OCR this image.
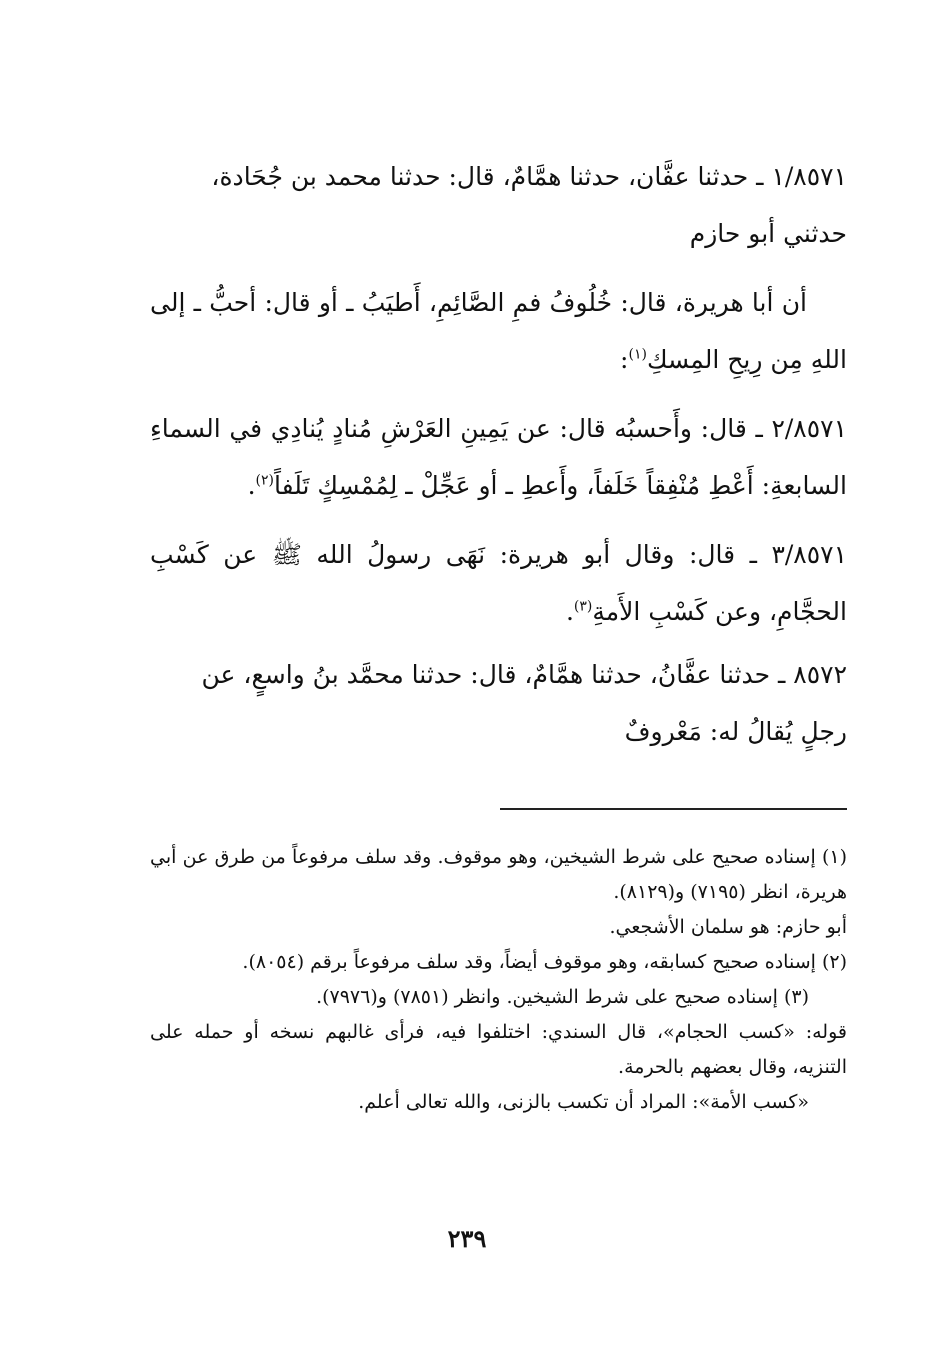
١/٨٥٧١ ـ حدثنا عفَّان، حدثنا همَّامٌ، قال: حدثنا محمد بن جُحَادة،
حدثني أبو حازم

أن أبا هريرة، قال: خُلُوفُ فمِ الصَّائِمِ، أَطيَبُ ـ أو قال: أحبُّ ـ إلى اللهِ مِن رِيحِ المِسكِ$^{(١)}$:

٢/٨٥٧١ ـ قال: وأَحسبُه قال: عن يَمِينِ العَرْشِ مُنادٍ يُنادِي في السماءِ السابعةِ: أَعْطِ مُنْفِقاً خَلَفاً، وأَعطِ ـ أو عَجِّلْ ـ لِمُمْسِكٍ تَلَفاً$^{(٢)}$.

٣/٨٥٧١ ـ قال: وقال أبو هريرة: نَهَى رسولُ الله ﷺ عن كَسْبِ الحجَّامِ، وعن كَسْبِ الأَمةِ$^{(٣)}$.

٨٥٧٢ ـ حدثنا عفَّانُ، حدثنا همَّامٌ، قال: حدثنا محمَّد بنُ واسعٍ، عن
رجلٍ يُقالُ له: مَعْروفٌ

(١) إسناده صحيح على شرط الشيخين، وهو موقوف. وقد سلف مرفوعاً من طرق عن أبي هريرة، انظر (٧١٩٥) و(٨١٢٩).

أبو حازم: هو سلمان الأشجعي.

(٢) إسناده صحيح كسابقه، وهو موقوف أيضاً، وقد سلف مرفوعاً برقم (٨٠٥٤).

(٣) إسناده صحيح على شرط الشيخين. وانظر (٧٨٥١) و(٧٩٧٦).

قوله: «كسب الحجام»، قال السندي: اختلفوا فيه، فرأى غالبهم نسخه أو حمله على التنزيه، وقال بعضهم بالحرمة.

«كسب الأمة»: المراد أن تكسب بالزنى، والله تعالى أعلم.

٢٣٩
